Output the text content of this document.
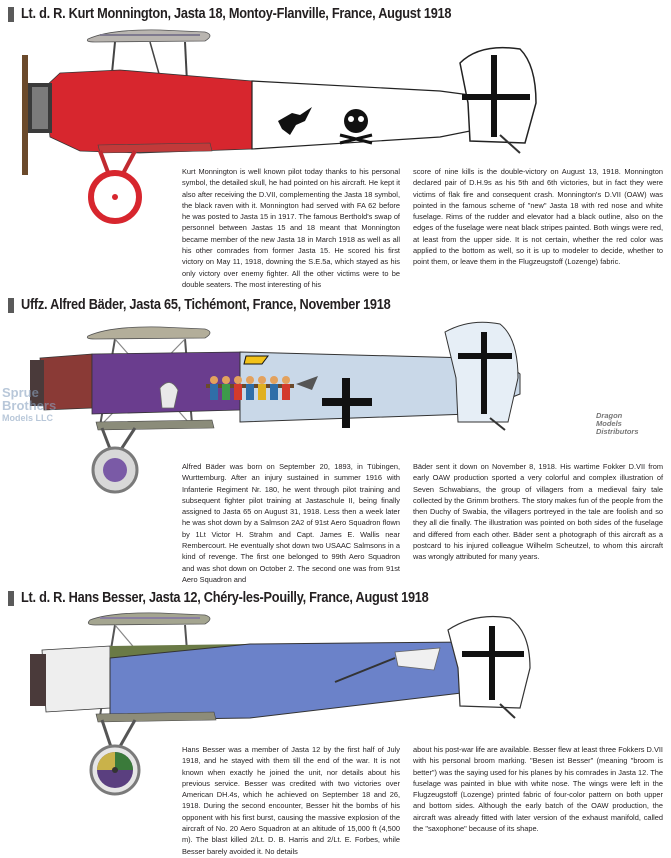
Lt. d. R. Kurt Monnington, Jasta 18, Montoy-Flanville, France, August 1918

Kurt Monnington is well known pilot today thanks to his personal symbol, the detailed skull, he had pointed on his aircraft. He kept it also after receiving the D.VII, complementing the Jasta 18 symbol, the black raven with it. Monnington had served with FA 62 before he was posted to Jasta 15 in 1917. The famous Berthold's swap of personnel between Jastas 15 and 18 meant that Monnington became member of the new Jasta 18 in March 1918 as well as all his other comrades from former Jasta 15. He scored his first victory on May 11, 1918, downing the S.E.5a, which stayed as his only victory over enemy fighter. All the other victims were to be double seaters. The most interesting of his

score of nine kills is the double-victory on August 13, 1918. Monnington declared pair of D.H.9s as his 5th and 6th victories, but in fact they were victims of flak fire and consequent crash. Monnington's D.VII (OAW) was pointed in the famous scheme of "new" Jasta 18 with red nose and white fuselage. Rims of the rudder and elevator had a black outline, also on the edges of the fuselage were neat black stripes painted. Both wings were red, at least from the upper side. It is not certain, whether the red color was applied to the bottom as well, so it is up to modeler to decide, whether to point them, or leave them in the Flugzeugstoff (Lozenge) fabric.

Uffz. Alfred Bäder, Jasta 65, Tichémont, France, November 1918
Sprue
Brothers
Models LLC	Dragon
Models
Distributors

Alfred Bäder was born on September 20, 1893, in Tübingen, Wurttemburg. After an injury sustained in summer 1916 with Infanterie Regiment Nr. 180, he went through pilot training and subsequent fighter pilot training at Jastaschule II, being finally assigned to Jasta 65 on August 31, 1918. Less then a week later he was shot down by a Salmson 2A2 of 91st Aero Squadron flown by 1Lt Victor H. Strahm and Capt. James E. Wallis near Rembercourt. He eventually shot down two USAAC Salmsons in a kind of revenge. The first one belonged to 99th Aero Squadron and was shot down on October 2. The second one was from 91st Aero Squadron and

Bäder sent it down on November 8, 1918. His wartime Fokker D.VII from early OAW production sported a very colorful and complex illustration of Seven Schwabians, the group of villagers from a medieval fairy tale collected by the Grimm brothers. The story makes fun of the people from the then Duchy of Swabia, the villagers portreyed in the tale are foolish and so they all die finally. The illustration was pointed on both sides of the fuselage and differed from each other. Bäder sent a photograph of this aircraft as a postcard to his injured colleague Wilhelm Scheutzel, to whom this aircraft was wrongly attributed for many years.

Lt. d. R. Hans Besser, Jasta 12, Chéry-les-Pouilly, France, August 1918

Hans Besser was a member of Jasta 12 by the first half of July 1918, and he stayed with them till the end of the war. It is not known when exactly he joined the unit, nor details about his previous service. Besser was credited with two victories over American DH.4s, which he achieved on September 18 and 26, 1918. During the second encounter, Besser hit the bombs of his opponent with his first burst, causing the massive explosion of the aircraft of No. 20 Aero Squadron at an altitude of 15,000 ft (4,500 m). The blast killed 2/Lt. D. B. Harris and 2/Lt. E. Forbes, while Besser barely avoided it. No details

about his post-war life are available. Besser flew at least three Fokkers D.VII with his personal broom marking. "Besen ist Besser" (meaning "broom is better") was the saying used for his planes by his comrades in Jasta 12. The fuselage was painted in blue with white nose. The wings were left in the Flugzeugstoff (Lozenge) printed fabric of four-color pattern on both upper and bottom sides. Although the early batch of the OAW production, the aircraft was already fitted with later version of the exhaust manifold, called the "saxophone" because of its shape.
